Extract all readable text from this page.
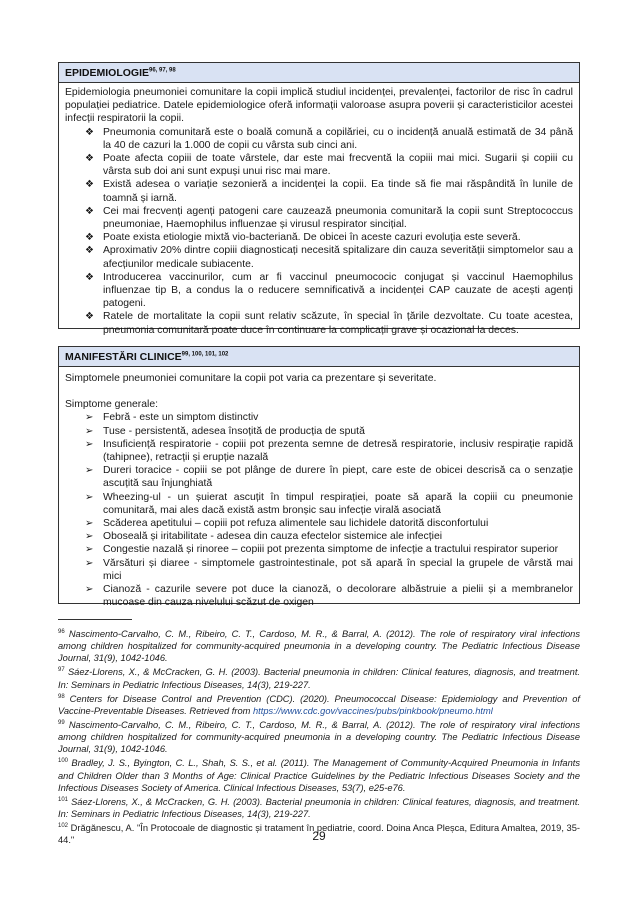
EPIDEMIOLOGIE$^{96, 97, 98}$

Epidemiologia pneumoniei comunitare la copii implică studiul incidenței, prevalenței, factorilor de risc în cadrul populației pediatrice. Datele epidemiologice oferă informații valoroase asupra poverii și caracteristicilor acestei infecții respiratorii la copii.

❖ Pneumonia comunitară este o boală comună a copilăriei, cu o incidență anuală estimată de 34 până la 40 de cazuri la 1.000 de copii cu vârsta sub cinci ani.
❖ Poate afecta copiii de toate vârstele, dar este mai frecventă la copiii mai mici. Sugarii și copiii cu vârsta sub doi ani sunt expuși unui risc mai mare.
❖ Există adesea o variație sezonieră a incidenței la copii. Ea tinde să fie mai răspândită în lunile de toamnă și iarnă.
❖ Cei mai frecvenți agenți patogeni care cauzează pneumonia comunitară la copii sunt Streptococcus pneumoniae, Haemophilus influenzae și virusul respirator sincițial.
❖ Poate exista etiologie mixtă vio-bacteriană. De obicei în aceste cazuri evoluția este severă.
❖ Aproximativ 20% dintre copiii diagnosticați necesită spitalizare din cauza severității simptomelor sau a afecțiunilor medicale subiacente.
❖ Introducerea vaccinurilor, cum ar fi vaccinul pneumococic conjugat și vaccinul Haemophilus influenzae tip B, a condus la o reducere semnificativă a incidenței CAP cauzate de acești agenți patogeni.
❖ Ratele de mortalitate la copii sunt relativ scăzute, în special în țările dezvoltate. Cu toate acestea, pneumonia comunitară poate duce în continuare la complicații grave și ocazional la deces.
MANIFESTĂRI CLINICE$^{99, 100, 101, 102}$

Simptomele pneumoniei comunitare la copii pot varia ca prezentare și severitate.

Simptome generale:

➢ Febră - este un simptom distinctiv
➢ Tuse - persistentă, adesea însoțită de producția de spută
➢ Insuficiență respiratorie - copiii pot prezenta semne de detresă respiratorie, inclusiv respirație rapidă (tahipnee), retracții și erupție nazală
➢ Dureri toracice - copiii se pot plânge de durere în piept, care este de obicei descrisă ca o senzație ascuțită sau înjunghiată
➢ Wheezing-ul - un șuierat ascuțit în timpul respirației, poate să apară la copiii cu pneumonie comunitară, mai ales dacă există astm bronșic sau infecție virală asociată
➢ Scăderea apetitului – copiii pot refuza alimentele sau lichidele datorită disconfortului
➢ Oboseală și iritabilitate - adesea din cauza efectelor sistemice ale infecției
➢ Congestie nazală și rinoree – copiii pot prezenta simptome de infecție a tractului respirator superior
➢ Vărsături și diaree - simptomele gastrointestinale, pot să apară în special la grupele de vârstă mai mici
➢ Cianoză - cazurile severe pot duce la cianoză, o decolorare albăstruie a pielii și a membranelor mucoase din cauza nivelului scăzut de oxigen

$^{96}$ Nascimento-Carvalho, C. M., Ribeiro, C. T., Cardoso, M. R., & Barral, A. (2012). The role of respiratory viral infections among children hospitalized for community-acquired pneumonia in a developing country. The Pediatric Infectious Disease Journal, 31(9), 1042-1046.

$^{97}$ Sáez-Llorens, X., & McCracken, G. H. (2003). Bacterial pneumonia in children: Clinical features, diagnosis, and treatment. In: Seminars in Pediatric Infectious Diseases, 14(3), 219-227.

$^{98}$ Centers for Disease Control and Prevention (CDC). (2020). Pneumococcal Disease: Epidemiology and Prevention of Vaccine-Preventable Diseases. Retrieved from https://www.cdc.gov/vaccines/pubs/pinkbook/pneumo.html

$^{99}$ Nascimento-Carvalho, C. M., Ribeiro, C. T., Cardoso, M. R., & Barral, A. (2012). The role of respiratory viral infections among children hospitalized for community-acquired pneumonia in a developing country. The Pediatric Infectious Disease Journal, 31(9), 1042-1046.

$^{100}$ Bradley, J. S., Byington, C. L., Shah, S. S., et al. (2011). The Management of Community-Acquired Pneumonia in Infants and Children Older than 3 Months of Age: Clinical Practice Guidelines by the Pediatric Infectious Diseases Society and the Infectious Diseases Society of America. Clinical Infectious Diseases, 53(7), e25-e76.

$^{101}$ Sáez-Llorens, X., & McCracken, G. H. (2003). Bacterial pneumonia in children: Clinical features, diagnosis, and treatment. In: Seminars in Pediatric Infectious Diseases, 14(3), 219-227.

$^{102}$ Drăgănescu, A. "În Protocoale de diagnostic și tratament în pediatrie, coord. Doina Anca Pleșca, Editura Amaltea, 2019, 35-44."	29
